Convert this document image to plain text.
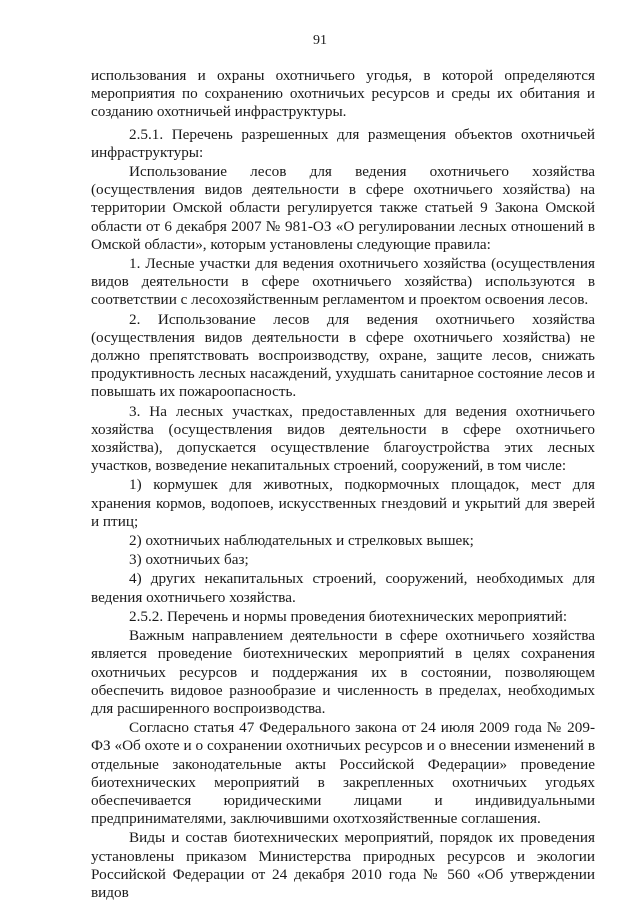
91

использования и охраны охотничьего угодья, в которой определяются мероприятия по сохранению охотничьих ресурсов и среды их обитания и созданию охотничьей инфраструктуры.

2.5.1. Перечень разрешенных для размещения объектов охотничьей инфраструктуры:

Использование лесов для ведения охотничьего хозяйства (осуществления видов деятельности в сфере охотничьего хозяйства) на территории Омской области регулируется также статьей 9 Закона Омской области от 6 декабря 2007 № 981-ОЗ «О регулировании лесных отношений в Омской области», которым установлены следующие правила:

1. Лесные участки для ведения охотничьего хозяйства (осуществления видов деятельности в сфере охотничьего хозяйства) используются в соответствии с лесохозяйственным регламентом и проектом освоения лесов.

2. Использование лесов для ведения охотничьего хозяйства (осуществления видов деятельности в сфере охотничьего хозяйства) не должно препятствовать воспроизводству, охране, защите лесов, снижать продуктивность лесных насаждений, ухудшать санитарное состояние лесов и повышать их пожароопасность.

3. На лесных участках, предоставленных для ведения охотничьего хозяйства (осуществления видов деятельности в сфере охотничьего хозяйства), допускается осуществление благоустройства этих лесных участков, возведение некапитальных строений, сооружений, в том числе:

1) кормушек для животных, подкормочных площадок, мест для хранения кормов, водопоев, искусственных гнездовий и укрытий для зверей и птиц;

2) охотничьих наблюдательных и стрелковых вышек;

3) охотничьих баз;

4) других некапитальных строений, сооружений, необходимых для ведения охотничьего хозяйства.

2.5.2. Перечень и нормы проведения биотехнических мероприятий:

Важным направлением деятельности в сфере охотничьего хозяйства является проведение биотехнических мероприятий в целях сохранения охотничьих ресурсов и поддержания их в состоянии, позволяющем обеспечить видовое разнообразие и численность в пределах, необходимых для расширенного воспроизводства.

Согласно статья 47 Федерального закона от 24 июля 2009 года № 209-ФЗ «Об охоте и о сохранении охотничьих ресурсов и о внесении изменений в отдельные законодательные акты Российской Федерации» проведение биотехнических мероприятий в закрепленных охотничьих угодьях обеспечивается юридическими лицами и индивидуальными предпринимателями, заключившими охотхозяйственные соглашения.

Виды и состав биотехнических мероприятий, порядок их проведения установлены приказом Министерства природных ресурсов и экологии Российской Федерации от 24 декабря 2010 года № 560 «Об утверждении видов
